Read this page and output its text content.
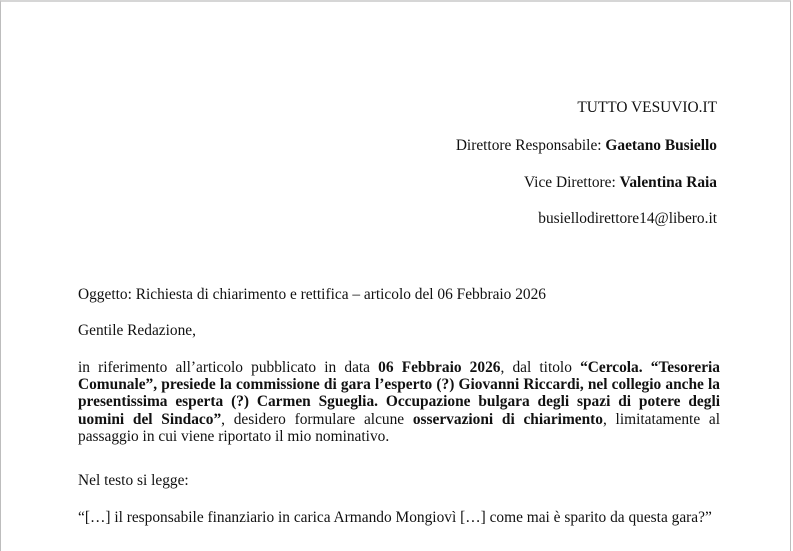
TUTTO VESUVIO.IT
Direttore Responsabile: Gaetano Busiello
Vice Direttore: Valentina Raia
busiellodirettore14@libero.it
Oggetto: Richiesta di chiarimento e rettifica – articolo del 06 Febbraio 2026
Gentile Redazione,
in riferimento all’articolo pubblicato in data 06 Febbraio 2026, dal titolo “Cercola. “Tesoreria Comunale”, presiede la commissione di gara l’esperto (?) Giovanni Riccardi, nel collegio anche la presentissima esperta (?) Carmen Sgueglia. Occupazione bulgara degli spazi di potere degli uomini del Sindaco”, desidero formulare alcune osservazioni di chiarimento, limitatamente al passaggio in cui viene riportato il mio nominativo.
Nel testo si legge:
“[…] il responsabile finanziario in carica Armando Mongiovì […] come mai è sparito da questa gara?”
